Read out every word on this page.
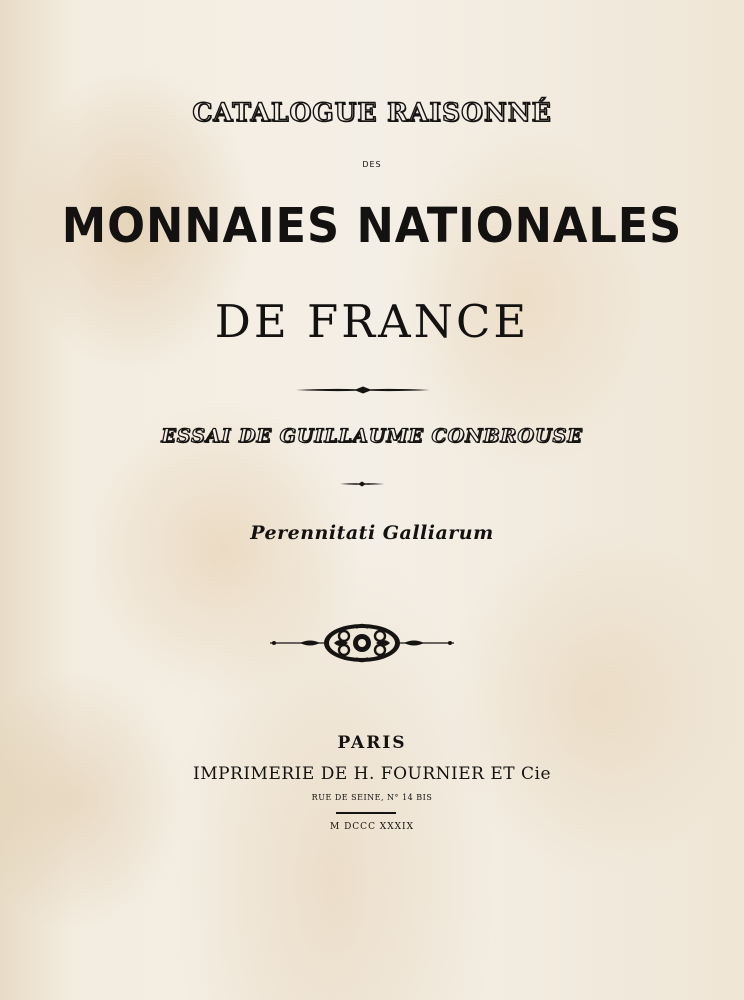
CATALOGUE RAISONNÉ
DES
MONNAIES NATIONALES
DE FRANCE
ESSAI DE GUILLAUME CONBROUSE
Perennitati Galliarum
PARIS
IMPRIMERIE DE H. FOURNIER ET Cie
RUE DE SEINE, N° 14 BIS
M DCCC XXXIX
